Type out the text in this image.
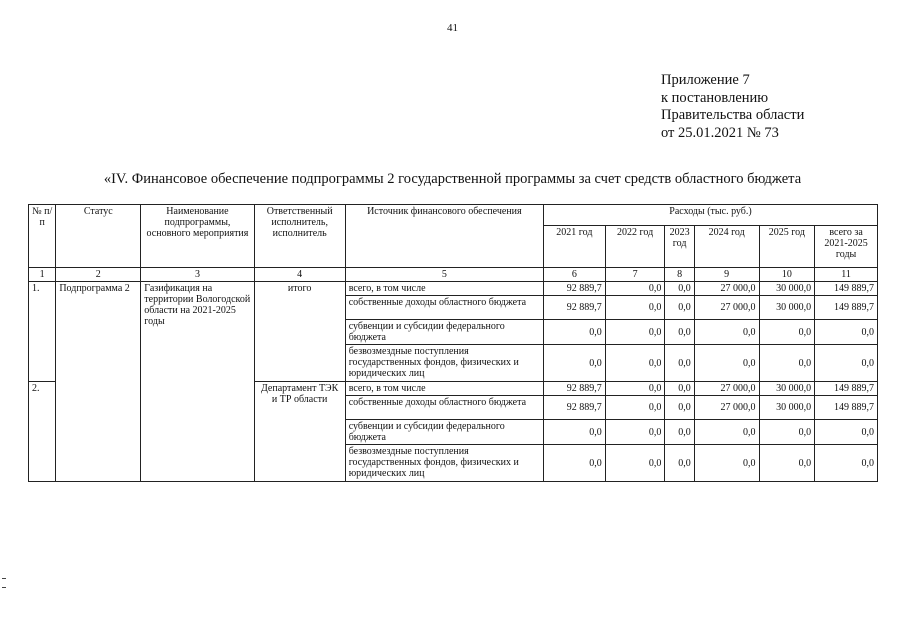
41
Приложение 7
к постановлению
Правительства области
от 25.01.2021 № 73
«IV. Финансовое обеспечение подпрограммы 2 государственной программы за счет средств областного бюджета
№ п/п	Статус	Наименование подпрограммы, основного мероприятия	Ответственный исполнитель, исполнитель	Источник финансового обеспечения	Расходы (тыс. руб.)					
					2021 год	2022 год	2023 год	2024 год	2025 год	всего за 2021-2025 годы
1	2	3	4	5	6	7	8	9	10	11
1.	Подпрограмма 2	Газификация на территории Вологодской области на 2021-2025 годы	итого	всего, в том числе	92 889,7	0,0	0,0	27 000,0	30 000,0	149 889,7
				собственные доходы областного бюджета	92 889,7	0,0	0,0	27 000,0	30 000,0	149 889,7
				субвенции и субсидии федерального бюджета	0,0	0,0	0,0	0,0	0,0	0,0
				безвозмездные поступления государственных фондов, физических и юридических лиц	0,0	0,0	0,0	0,0	0,0	0,0
2.			Департамент ТЭК и ТР области	всего, в том числе	92 889,7	0,0	0,0	27 000,0	30 000,0	149 889,7
				собственные доходы областного бюджета	92 889,7	0,0	0,0	27 000,0	30 000,0	149 889,7
				субвенции и субсидии федерального бюджета	0,0	0,0	0,0	0,0	0,0	0,0
				безвозмездные поступления государственных фондов, физических и юридических лиц	0,0	0,0	0,0	0,0	0,0	0,0
